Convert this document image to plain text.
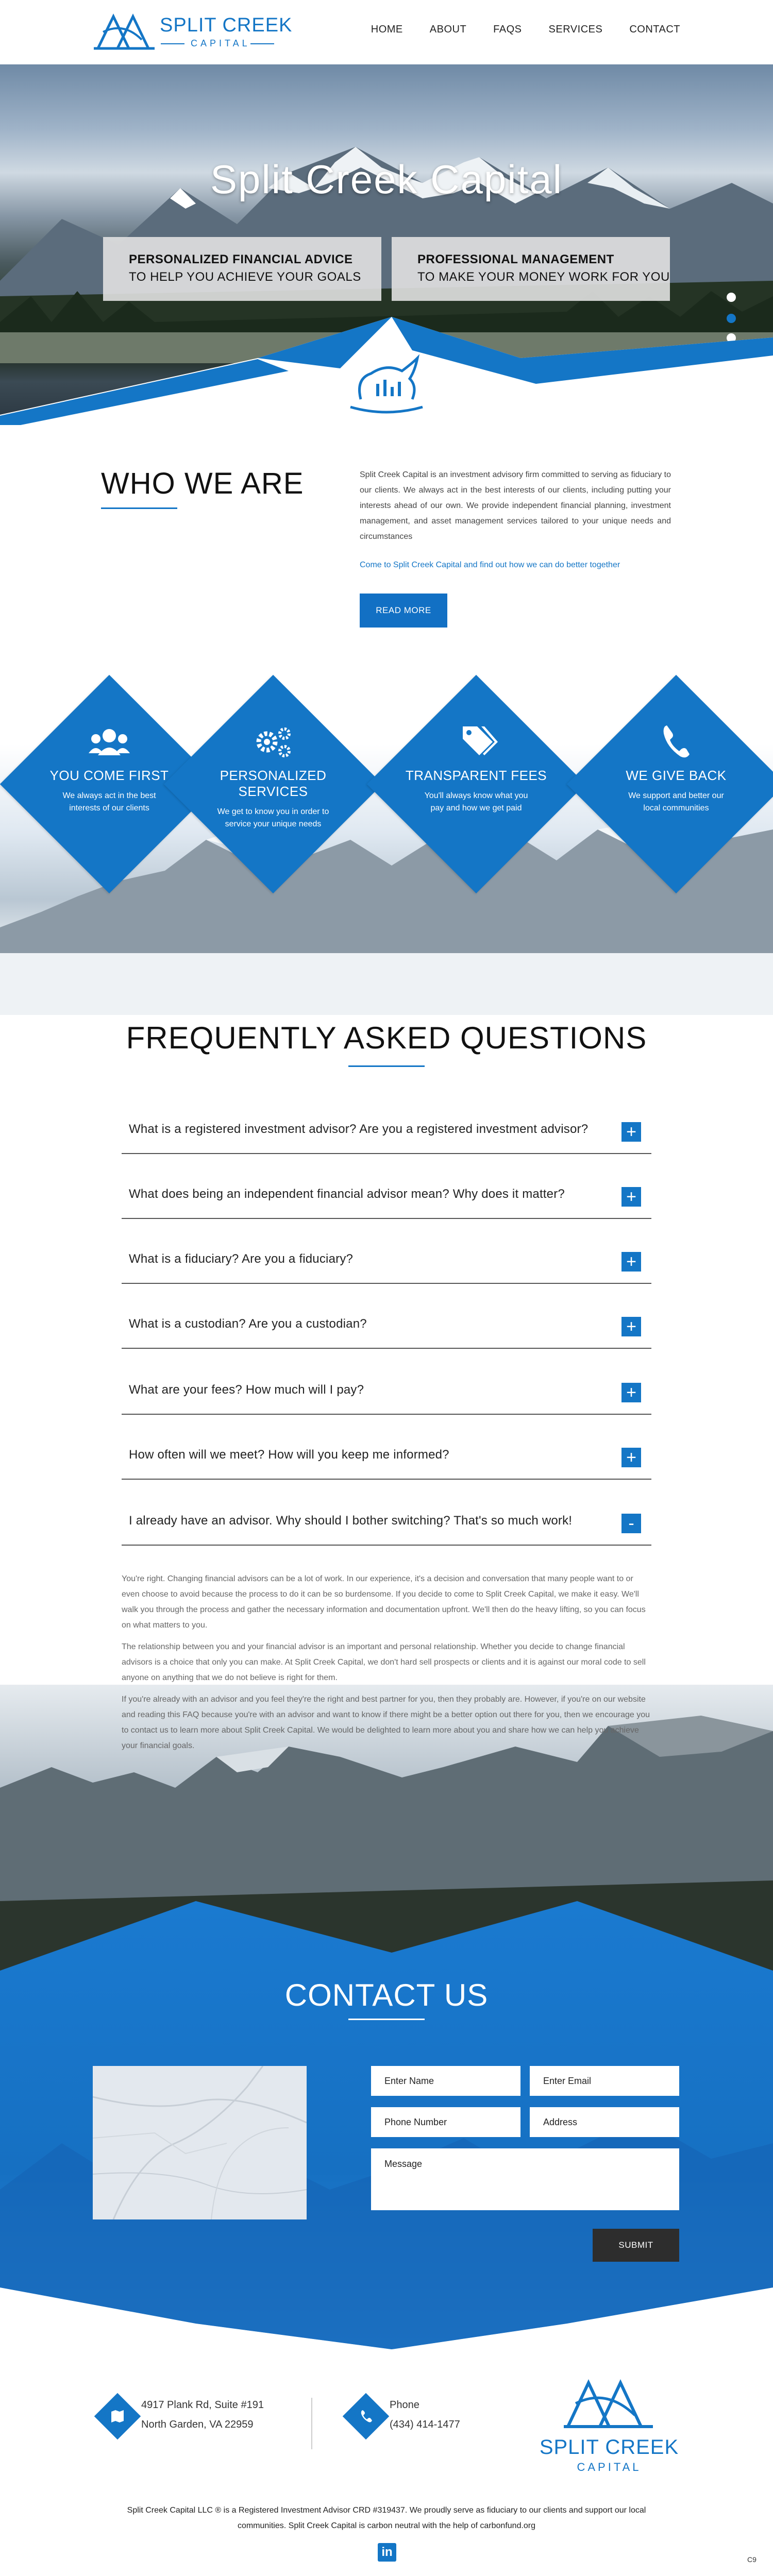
SPLIT CREEK
CAPITAL
HOME	ABOUT	FAQS	SERVICES	CONTACT
Split Creek Capital
PERSONALIZED FINANCIAL ADVICE
TO HELP YOU ACHIEVE YOUR GOALS
PROFESSIONAL MANAGEMENT
TO MAKE YOUR MONEY WORK FOR YOU
WHO WE ARE	Split Creek Capital is an investment advisory firm committed to serving as fiduciary to our clients. We always act in the best interests of our clients, including putting your interests ahead of our own. We provide independent financial planning, investment management, and asset management services tailored to your unique needs and circumstances

Come to Split Creek Capital and find out how we can do better together
READ MORE
YOU COME FIRST
We always act in the best interests of our clients
PERSONALIZED SERVICES
We get to know you in order to service your unique needs
TRANSPARENT FEES
You'll always know what you pay and how we get paid
WE GIVE BACK
We support and better our local communities
FREQUENTLY ASKED QUESTIONS
What is a registered investment advisor? Are you a registered investment advisor? +
What does being an independent financial advisor mean? Why does it matter?	+
What is a fiduciary? Are you a fiduciary?	+
What is a custodian? Are you a custodian?	+
What are your fees? How much will I pay?	+
How often will we meet? How will you keep me informed?	+
I already have an advisor. Why should I bother switching? That's so much work!	-

You're right. Changing financial advisors can be a lot of work. In our experience, it's a decision and conversation that many people want to or even choose to avoid because the process to do it can be so burdensome. If you decide to come to Split Creek Capital, we make it easy. We'll walk you through the process and gather the necessary information and documentation upfront. We'll then do the heavy lifting, so you can focus on what matters to you.

The relationship between you and your financial advisor is an important and personal relationship. Whether you decide to change financial advisors is a choice that only you can make. At Split Creek Capital, we don't hard sell prospects or clients and it is against our moral code to sell anyone on anything that we do not believe is right for them.

If you're already with an advisor and you feel they're the right and best partner for you, then they probably are. However, if you're on our website and reading this FAQ because you're with an advisor and want to know if there might be a better option out there for you, then we encourage you to contact us to learn more about Split Creek Capital. We would be delighted to learn more about you and share how we can help you achieve your financial goals.

CONTACT US
Enter Name
Enter Email
Phone Number
Address
Message
SUBMIT
4917 Plank Rd, Suite #191
North Garden, VA 22959
Phone
(434) 414-1477
SPLIT CREEK
CAPITAL

Split Creek Capital LLC ® is a Registered Investment Advisor CRD #319437. We proudly serve as fiduciary to our clients and support our local communities. Split Creek Capital is carbon neutral with the help of carbonfund.org

in
C9
